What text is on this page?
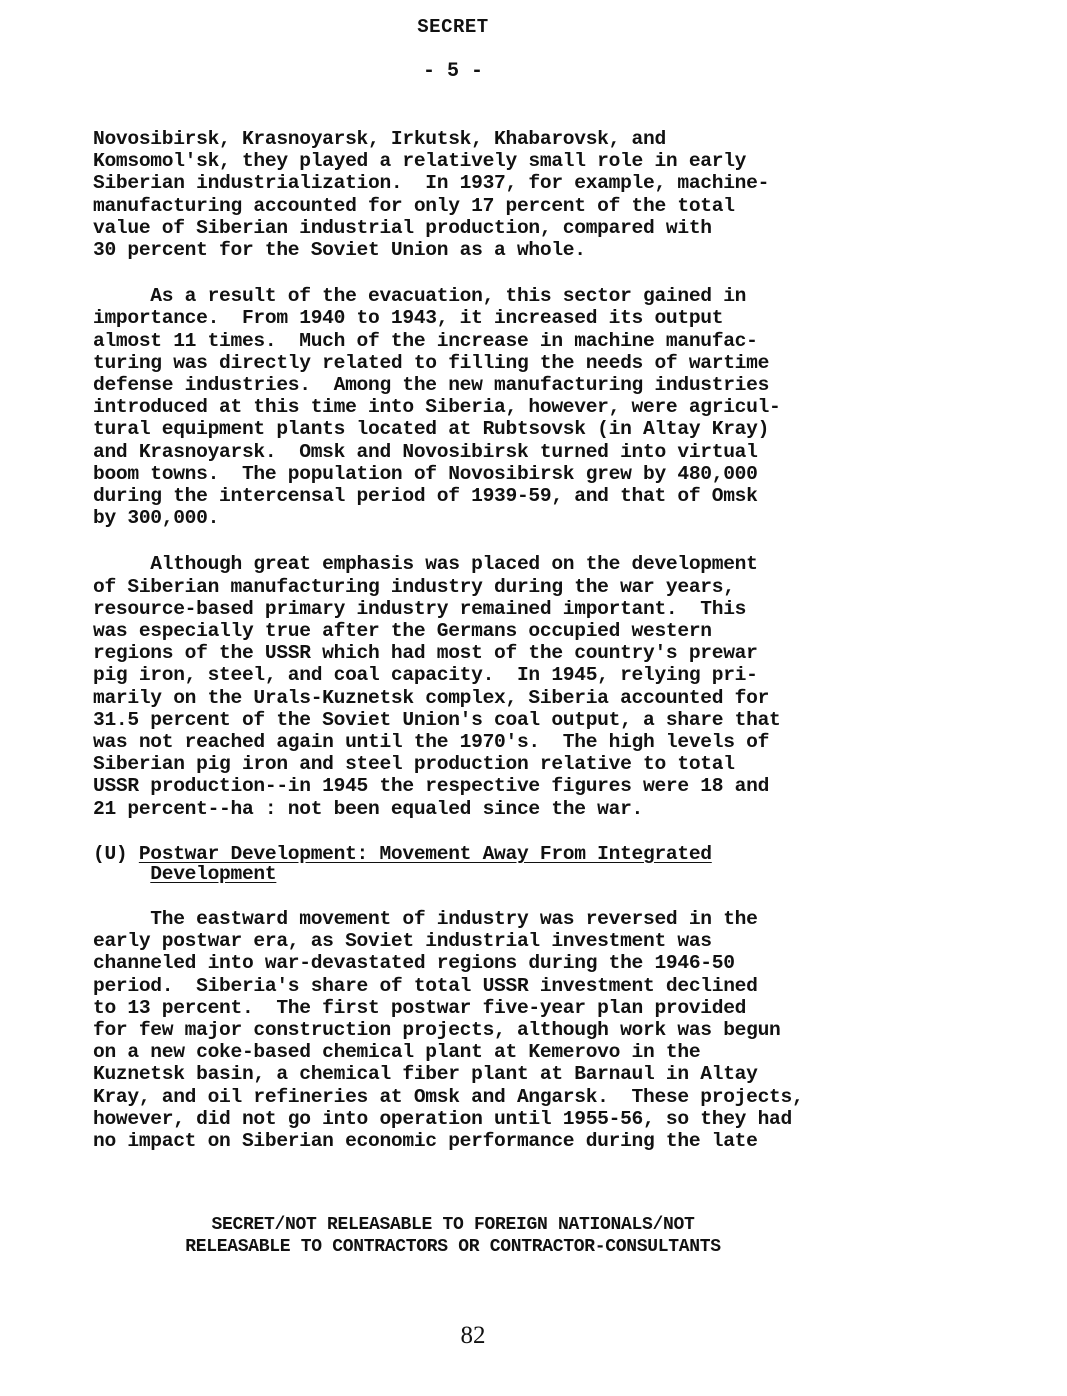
SECRET
- 5 -
Novosibirsk, Krasnoyarsk, Irkutsk, Khabarovsk, and
Komsomol'sk, they played a relatively small role in early
Siberian industrialization.  In 1937, for example, machine-
manufacturing accounted for only 17 percent of the total
value of Siberian industrial production, compared with
30 percent for the Soviet Union as a whole.
As a result of the evacuation, this sector gained in
importance.  From 1940 to 1943, it increased its output
almost 11 times.  Much of the increase in machine manufac-
turing was directly related to filling the needs of wartime
defense industries.  Among the new manufacturing industries
introduced at this time into Siberia, however, were agricul-
tural equipment plants located at Rubtsovsk (in Altay Kray)
and Krasnoyarsk.  Omsk and Novosibirsk turned into virtual
boom towns.  The population of Novosibirsk grew by 480,000
during the intercensal period of 1939-59, and that of Omsk
by 300,000.
Although great emphasis was placed on the development
of Siberian manufacturing industry during the war years,
resource-based primary industry remained important.  This
was especially true after the Germans occupied western
regions of the USSR which had most of the country's prewar
pig iron, steel, and coal capacity.  In 1945, relying pri-
marily on the Urals-Kuznetsk complex, Siberia accounted for
31.5 percent of the Soviet Union's coal output, a share that
was not reached again until the 1970's.  The high levels of
Siberian pig iron and steel production relative to total
USSR production--in 1945 the respective figures were 18 and
21 percent--ha : not been equaled since the war.
(U) Postwar Development: Movement Away From Integrated
Development
The eastward movement of industry was reversed in the
early postwar era, as Soviet industrial investment was
channeled into war-devastated regions during the 1946-50
period.  Siberia's share of total USSR investment declined
to 13 percent.  The first postwar five-year plan provided
for few major construction projects, although work was begun
on a new coke-based chemical plant at Kemerovo in the
Kuznetsk basin, a chemical fiber plant at Barnaul in Altay
Kray, and oil refineries at Omsk and Angarsk.  These projects,
however, did not go into operation until 1955-56, so they had
no impact on Siberian economic performance during the late
SECRET/NOT RELEASABLE TO FOREIGN NATIONALS/NOT
RELEASABLE TO CONTRACTORS OR CONTRACTOR-CONSULTANTS
82
